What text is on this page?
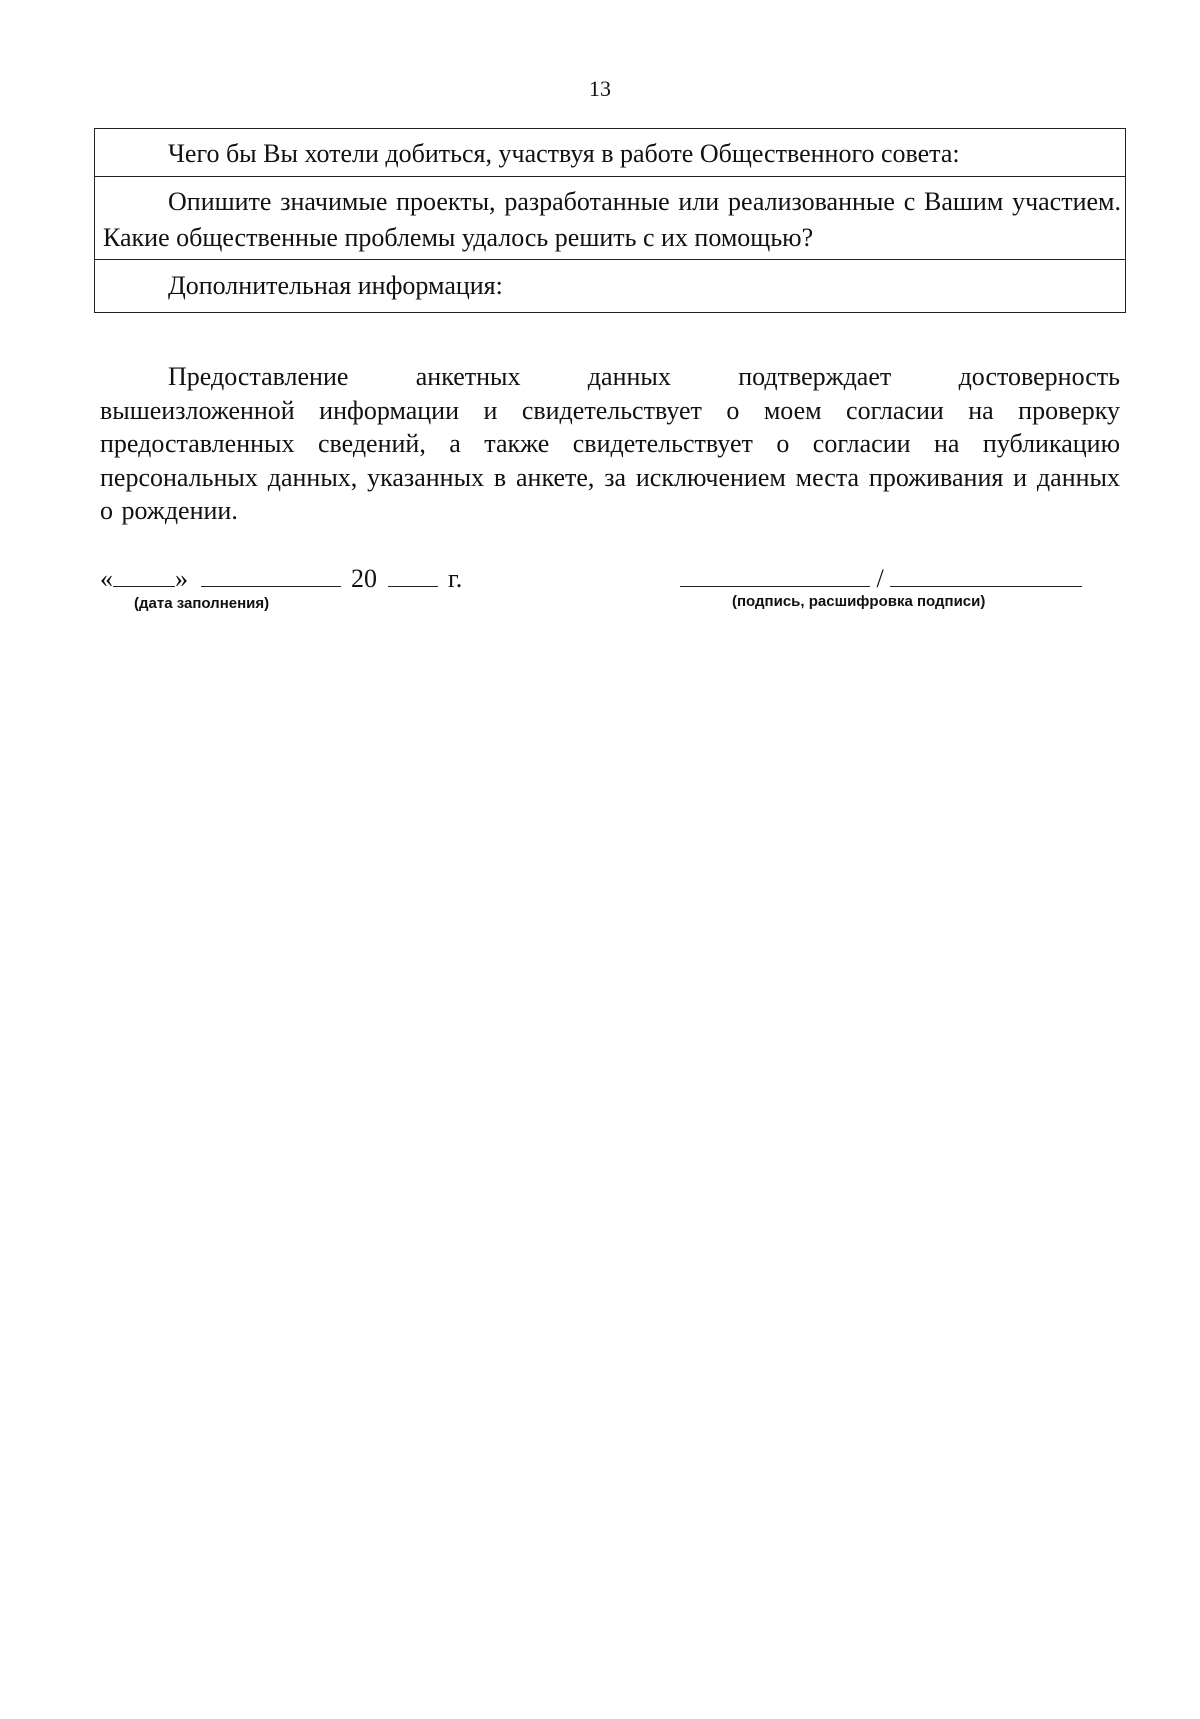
13
Чего бы Вы хотели добиться, участвуя в работе Общественного совета:
Опишите значимые проекты, разработанные или реализованные с Вашим участием. Какие общественные проблемы удалось решить с их помощью?
Дополнительная информация:
Предоставление анкетных данных подтверждает достоверность
вышеизложенной информации и свидетельствует о моем согласии на проверку предоставленных сведений, а также свидетельствует о согласии на публикацию персональных данных, указанных в анкете, за исключением места проживания и данных о рождении.
« »	20	г.
(дата заполнения)
/
(подпись, расшифровка подписи)
